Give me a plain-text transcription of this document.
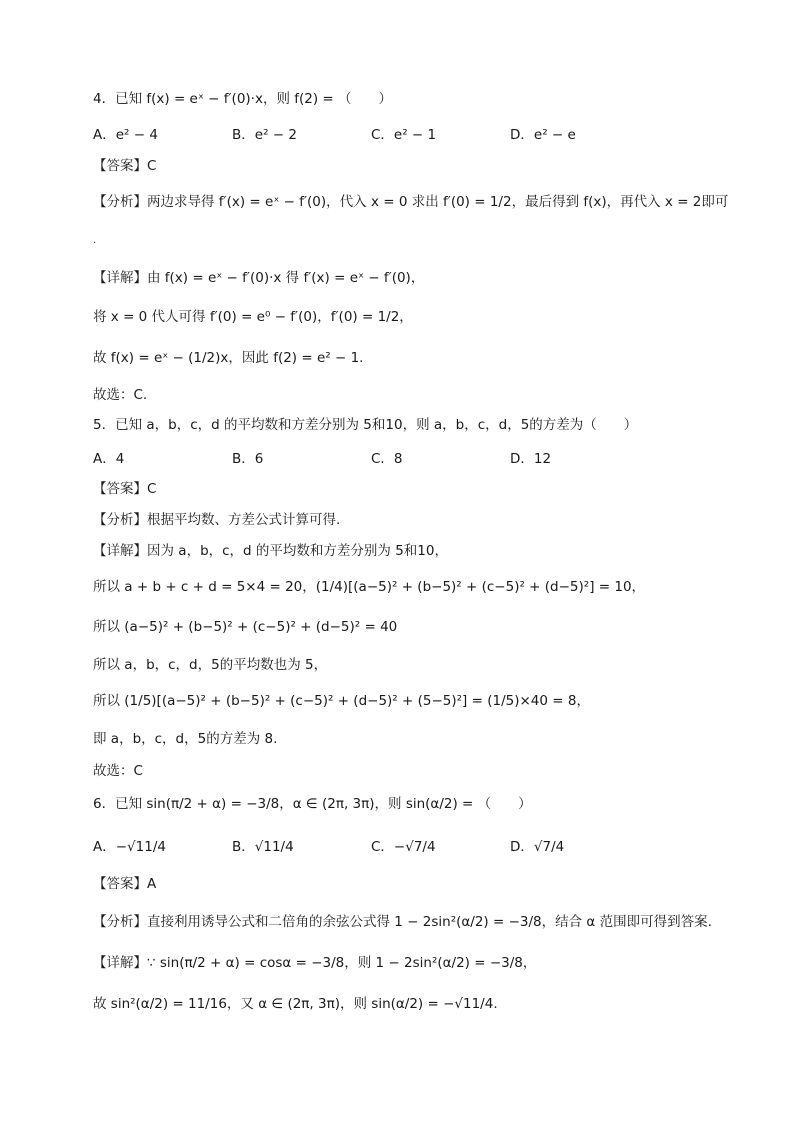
4．已知 f(x) = eˣ − f′(0)·x，则 f(2) = （　　）
A．e² − 4	B．e² − 2	C．e² − 1	D．e² − e
【答案】C
【分析】两边求导得 f′(x) = eˣ − f′(0)，代入 x = 0 求出 f′(0) = 1/2，最后得到 f(x)，再代入 x = 2即可
.
【详解】由 f(x) = eˣ − f′(0)·x 得 f′(x) = eˣ − f′(0)，
将 x = 0 代人可得 f′(0) = e⁰ − f′(0)，f′(0) = 1/2，
故 f(x) = eˣ − (1/2)x，因此 f(2) = e² − 1.
故选：C.
5．已知 a，b，c，d 的平均数和方差分别为 5和10，则 a，b，c，d，5的方差为（　　）
A．4	B．6	C．8	D．12
【答案】C
【分析】根据平均数、方差公式计算可得.
【详解】因为 a，b，c，d 的平均数和方差分别为 5和10，
所以 a + b + c + d = 5×4 = 20，(1/4)[(a−5)² + (b−5)² + (c−5)² + (d−5)²] = 10，
所以 (a−5)² + (b−5)² + (c−5)² + (d−5)² = 40
所以 a，b，c，d，5的平均数也为 5，
所以 (1/5)[(a−5)² + (b−5)² + (c−5)² + (d−5)² + (5−5)²] = (1/5)×40 = 8，
即 a，b，c，d，5的方差为 8.
故选：C
6．已知 sin(π/2 + α) = −3/8，α ∈ (2π, 3π)，则 sin(α/2) = （　　）
A．−√11/4	B．√11/4	C．−√7/4	D．√7/4
【答案】A
【分析】直接利用诱导公式和二倍角的余弦公式得 1 − 2sin²(α/2) = −3/8，结合 α 范围即可得到答案.
【详解】∵ sin(π/2 + α) = cosα = −3/8，则 1 − 2sin²(α/2) = −3/8，
故 sin²(α/2) = 11/16，又 α ∈ (2π, 3π)，则 sin(α/2) = −√11/4.
